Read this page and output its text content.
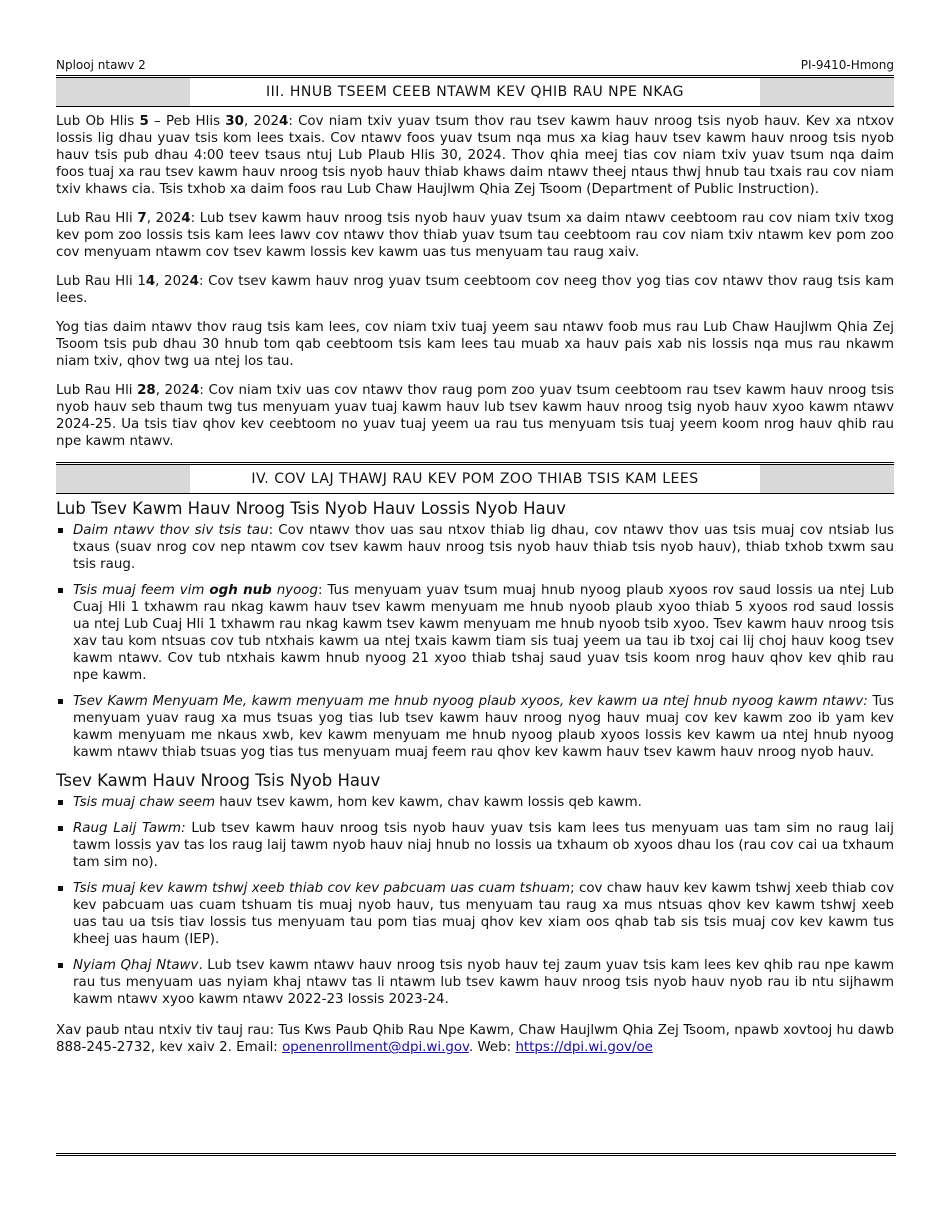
Nplooj ntawv 2	PI-9410-Hmong
III. HNUB TSEEM CEEB NTAWM KEV QHIB RAU NPE NKAG

Lub Ob Hlis 5 – Peb Hlis 30, 2024: Cov niam txiv yuav tsum thov rau tsev kawm hauv nroog tsis nyob hauv. Kev xa ntxov lossis lig dhau yuav tsis kom lees txais. Cov ntawv foos yuav tsum nqa mus xa kiag hauv tsev kawm hauv nroog tsis nyob hauv tsis pub dhau 4:00 teev tsaus ntuj Lub Plaub Hlis 30, 2024. Thov qhia meej tias cov niam txiv yuav tsum nqa daim foos tuaj xa rau tsev kawm hauv nroog tsis nyob hauv thiab khaws daim ntawv theej ntaus thwj hnub tau txais rau cov niam txiv khaws cia. Tsis txhob xa daim foos rau Lub Chaw Haujlwm Qhia Zej Tsoom (Department of Public Instruction).

Lub Rau Hli 7, 2024: Lub tsev kawm hauv nroog tsis nyob hauv yuav tsum xa daim ntawv ceebtoom rau cov niam txiv txog kev pom zoo lossis tsis kam lees lawv cov ntawv thov thiab yuav tsum tau ceebtoom rau cov niam txiv ntawm kev pom zoo cov menyuam ntawm cov tsev kawm lossis kev kawm uas tus menyuam tau raug xaiv.

Lub Rau Hli 14, 2024: Cov tsev kawm hauv nrog yuav tsum ceebtoom cov neeg thov yog tias cov ntawv thov raug tsis kam lees.

Yog tias daim ntawv thov raug tsis kam lees, cov niam txiv tuaj yeem sau ntawv foob mus rau Lub Chaw Haujlwm Qhia Zej Tsoom tsis pub dhau 30 hnub tom qab ceebtoom tsis kam lees tau muab xa hauv pais xab nis lossis nqa mus rau nkawm niam txiv, qhov twg ua ntej los tau.

Lub Rau Hli 28, 2024: Cov niam txiv uas cov ntawv thov raug pom zoo yuav tsum ceebtoom rau tsev kawm hauv nroog tsis nyob hauv seb thaum twg tus menyuam yuav tuaj kawm hauv lub tsev kawm hauv nroog tsig nyob hauv xyoo kawm ntawv 2024-25. Ua tsis tiav qhov kev ceebtoom no yuav tuaj yeem ua rau tus menyuam tsis tuaj yeem koom nrog hauv qhib rau npe kawm ntawv.

IV. COV LAJ THAWJ RAU KEV POM ZOO THIAB TSIS KAM LEES
Lub Tsev Kawm Hauv Nroog Tsis Nyob Hauv Lossis Nyob Hauv
Daim ntawv thov siv tsis tau: Cov ntawv thov uas sau ntxov thiab lig dhau, cov ntawv thov uas tsis muaj cov ntsiab lus txaus (suav nrog cov nep ntawm cov tsev kawm hauv nroog tsis nyob hauv thiab tsis nyob hauv), thiab txhob txwm sau tsis raug.
Tsis muaj feem vim ogh nub nyoog: Tus menyuam yuav tsum muaj hnub nyoog plaub xyoos rov saud lossis ua ntej Lub Cuaj Hli 1 txhawm rau nkag kawm hauv tsev kawm menyuam me hnub nyoob plaub xyoo thiab 5 xyoos rod saud lossis ua ntej Lub Cuaj Hli 1 txhawm rau nkag kawm tsev kawm menyuam me hnub nyoob tsib xyoo. Tsev kawm hauv nroog tsis xav tau kom ntsuas cov tub ntxhais kawm ua ntej txais kawm tiam sis tuaj yeem ua tau ib txoj cai lij choj hauv koog tsev kawm ntawv. Cov tub ntxhais kawm hnub nyoog 21 xyoo thiab tshaj saud yuav tsis koom nrog hauv qhov kev qhib rau npe kawm.
Tsev Kawm Menyuam Me, kawm menyuam me hnub nyoog plaub xyoos, kev kawm ua ntej hnub nyoog kawm ntawv: Tus menyuam yuav raug xa mus tsuas yog tias lub tsev kawm hauv nroog nyog hauv muaj cov kev kawm zoo ib yam kev kawm menyuam me nkaus xwb, kev kawm menyuam me hnub nyoog plaub xyoos lossis kev kawm ua ntej hnub nyoog kawm ntawv thiab tsuas yog tias tus menyuam muaj feem rau qhov kev kawm hauv tsev kawm hauv nroog nyob hauv.
Tsev Kawm Hauv Nroog Tsis Nyob Hauv
Tsis muaj chaw seem hauv tsev kawm, hom kev kawm, chav kawm lossis qeb kawm.
Raug Laij Tawm: Lub tsev kawm hauv nroog tsis nyob hauv yuav tsis kam lees tus menyuam uas tam sim no raug laij tawm lossis yav tas los raug laij tawm nyob hauv niaj hnub no lossis ua txhaum ob xyoos dhau los (rau cov cai ua txhaum tam sim no).
Tsis muaj kev kawm tshwj xeeb thiab cov kev pabcuam uas cuam tshuam; cov chaw hauv kev kawm tshwj xeeb thiab cov kev pabcuam uas cuam tshuam tis muaj nyob hauv, tus menyuam tau raug xa mus ntsuas qhov kev kawm tshwj xeeb uas tau ua tsis tiav lossis tus menyuam tau pom tias muaj qhov kev xiam oos qhab tab sis tsis muaj cov kev kawm tus kheej uas haum (IEP).
Nyiam Qhaj Ntawv. Lub tsev kawm ntawv hauv nroog tsis nyob hauv tej zaum yuav tsis kam lees kev qhib rau npe kawm rau tus menyuam uas nyiam khaj ntawv tas li ntawm lub tsev kawm hauv nroog tsis nyob hauv nyob rau ib ntu sijhawm kawm ntawv xyoo kawm ntawv 2022-23 lossis 2023-24.

Xav paub ntau ntxiv tiv tauj rau: Tus Kws Paub Qhib Rau Npe Kawm, Chaw Haujlwm Qhia Zej Tsoom, npawb xovtooj hu dawb 888-245-2732, kev xaiv 2. Email: openenrollment@dpi.wi.gov. Web: https://dpi.wi.gov/oe
